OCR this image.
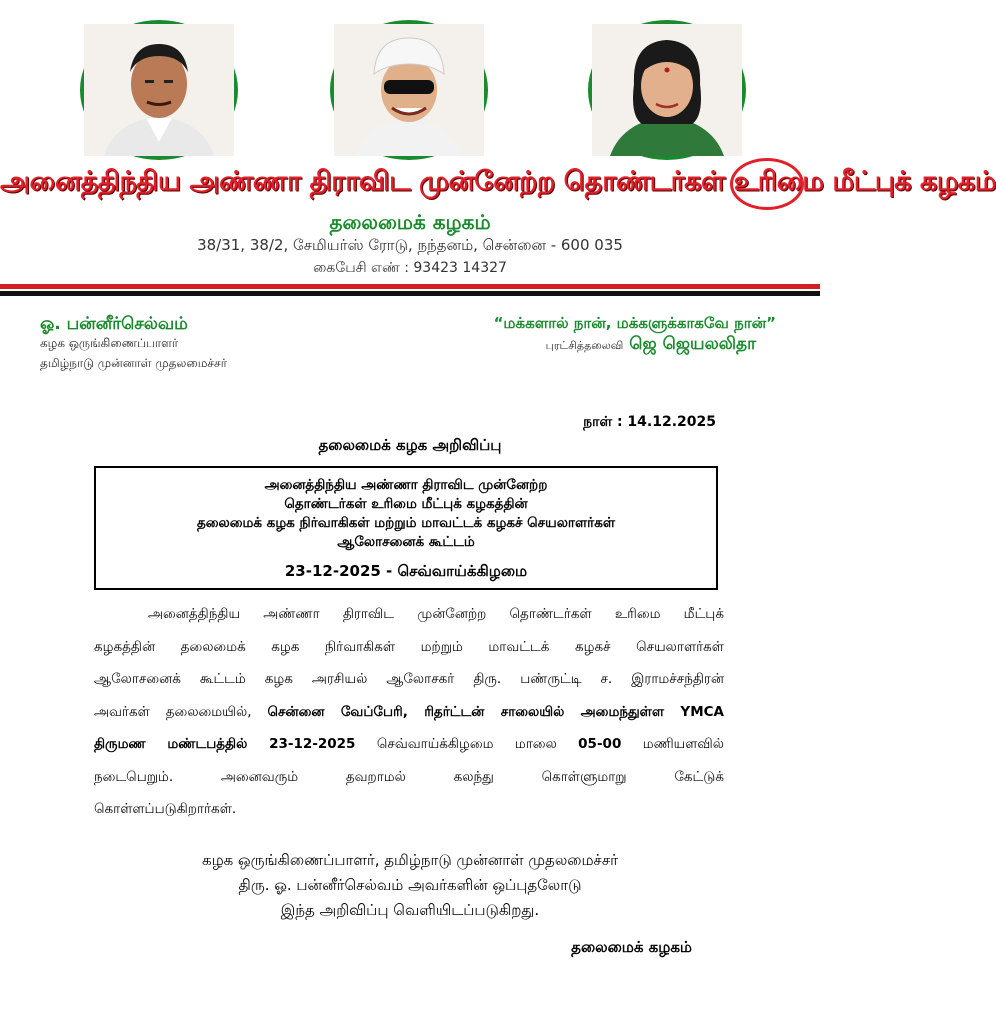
அனைத்திந்திய அண்ணா திராவிட முன்னேற்ற தொண்டர்கள் உரிமை மீட்புக் கழகம்
தலைமைக் கழகம்
38/31, 38/2, சேமியர்ஸ் ரோடு, நந்தனம், சென்னை - 600 035
கைபேசி எண் : 93423 14327
ஓ. பன்னீர்செல்வம்
கழக ஒருங்கிணைப்பாளர்
தமிழ்நாடு முன்னாள் முதலமைச்சர்
“மக்களால் நான், மக்களுக்காகவே நான்”
புரட்சித்தலைவி ஜெ ஜெயலலிதா
நாள் : 14.12.2025
தலைமைக் கழக அறிவிப்பு
அனைத்திந்திய அண்ணா திராவிட முன்னேற்ற
தொண்டர்கள் உரிமை மீட்புக் கழகத்தின்
தலைமைக் கழக நிர்வாகிகள் மற்றும் மாவட்டக் கழகச் செயலாளர்கள்
ஆலோசனைக் கூட்டம்
23-12-2025 - செவ்வாய்க்கிழமை
அனைத்திந்திய அண்ணா திராவிட முன்னேற்ற தொண்டர்கள் உரிமை மீட்புக்
கழகத்தின் தலைமைக் கழக நிர்வாகிகள் மற்றும் மாவட்டக் கழகச் செயலாளர்கள்
ஆலோசனைக் கூட்டம் கழக அரசியல் ஆலோசகர் திரு. பண்ருட்டி ச. இராமச்சந்திரன்
அவர்கள் தலைமையில், சென்னை வேப்பேரி, ரிதர்ட்டன் சாலையில் அமைந்துள்ள YMCA
திருமண மண்டபத்தில் 23-12-2025 செவ்வாய்க்கிழமை மாலை 05-00 மணியளவில்
நடைபெறும். அனைவரும் தவறாமல் கலந்து கொள்ளுமாறு கேட்டுக்
கொள்ளப்படுகிறார்கள்.
கழக ஒருங்கிணைப்பாளர், தமிழ்நாடு முன்னாள் முதலமைச்சர்
திரு. ஓ. பன்னீர்செல்வம் அவர்களின் ஒப்புதலோடு
இந்த அறிவிப்பு வெளியிடப்படுகிறது.
தலைமைக் கழகம்
